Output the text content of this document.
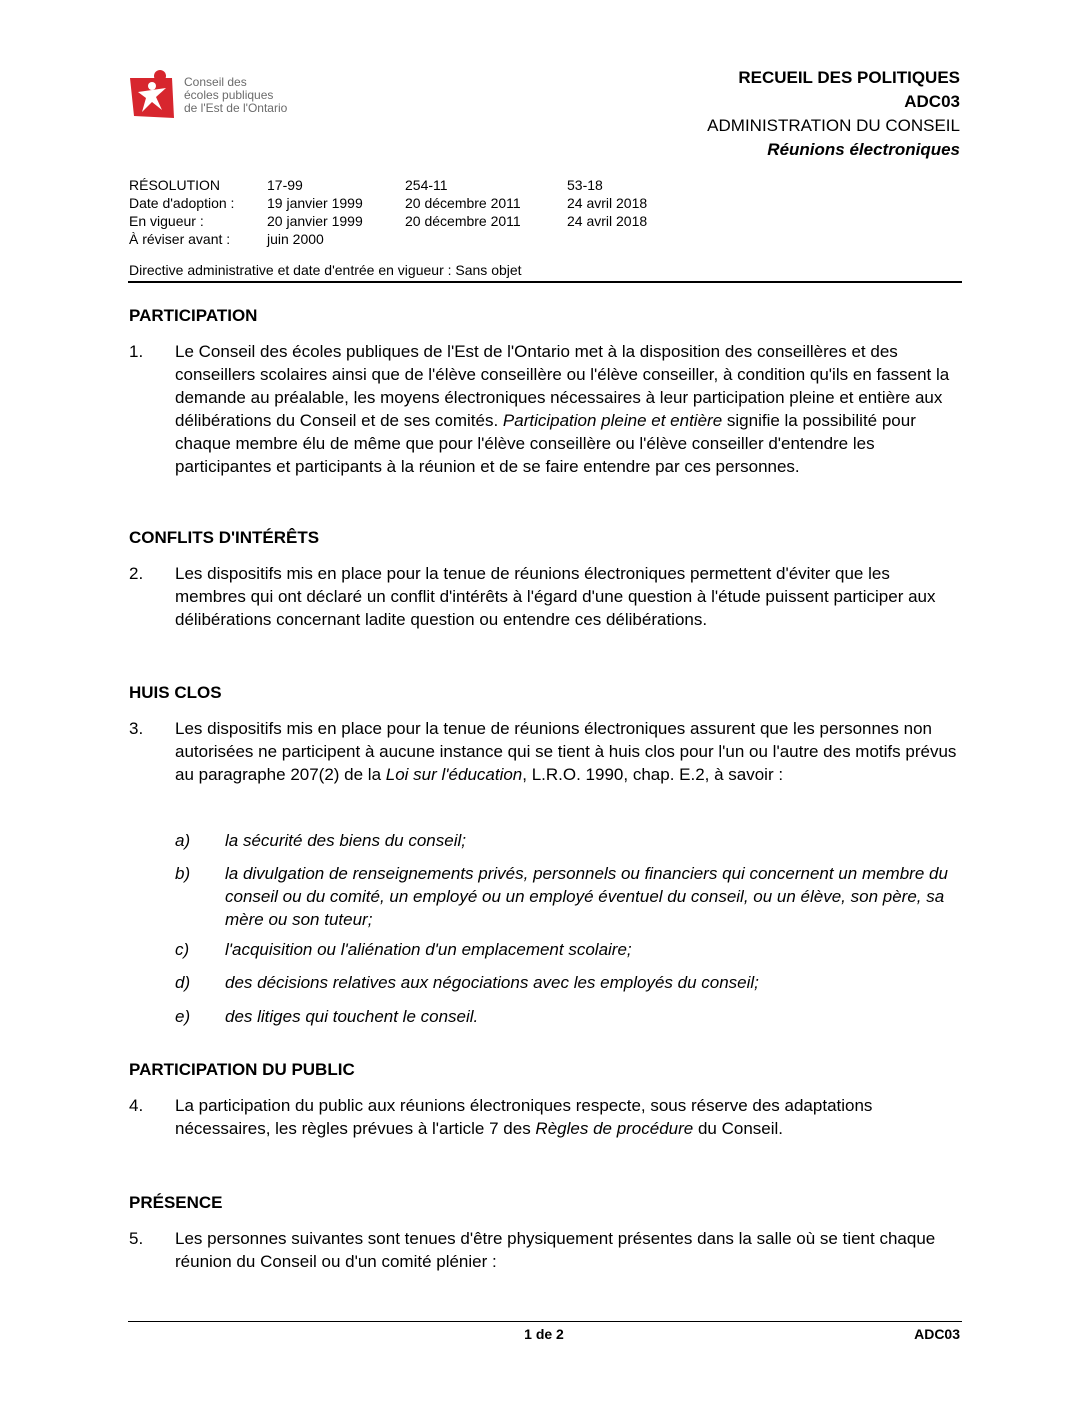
Conseil des
écoles publiques
de l'Est de l'Ontario
RECUEIL DES POLITIQUES
ADC03
ADMINISTRATION DU CONSEIL
Réunions électroniques
RÉSOLUTION	17-99	254-11	53-18
Date d'adoption :	19 janvier 1999	20 décembre 2011	24 avril 2018
En vigueur :	20 janvier 1999	20 décembre 2011	24 avril 2018
À réviser avant :	juin 2000
Directive administrative et date d'entrée en vigueur : Sans objet
PARTICIPATION
1. Le Conseil des écoles publiques de l'Est de l'Ontario met à la disposition des conseillères et des conseillers scolaires ainsi que de l'élève conseillère ou l'élève conseiller, à condition qu'ils en fassent la demande au préalable, les moyens électroniques nécessaires à leur participation pleine et entière aux délibérations du Conseil et de ses comités. Participation pleine et entière signifie la possibilité pour chaque membre élu de même que pour l'élève conseillère ou l'élève conseiller d'entendre les participantes et participants à la réunion et de se faire entendre par ces personnes.
CONFLITS D'INTÉRÊTS
2. Les dispositifs mis en place pour la tenue de réunions électroniques permettent d'éviter que les membres qui ont déclaré un conflit d'intérêts à l'égard d'une question à l'étude puissent participer aux délibérations concernant ladite question ou entendre ces délibérations.
HUIS CLOS
3. Les dispositifs mis en place pour la tenue de réunions électroniques assurent que les personnes non autorisées ne participent à aucune instance qui se tient à huis clos pour l'un ou l'autre des motifs prévus au paragraphe 207(2) de la Loi sur l'éducation, L.R.O. 1990, chap. E.2, à savoir :
a) la sécurité des biens du conseil;
b) la divulgation de renseignements privés, personnels ou financiers qui concernent un membre du conseil ou du comité, un employé ou un employé éventuel du conseil, ou un élève, son père, sa mère ou son tuteur;
c) l'acquisition ou l'aliénation d'un emplacement scolaire;
d) des décisions relatives aux négociations avec les employés du conseil;
e) des litiges qui touchent le conseil.
PARTICIPATION DU PUBLIC
4. La participation du public aux réunions électroniques respecte, sous réserve des adaptations nécessaires, les règles prévues à l'article 7 des Règles de procédure du Conseil.
PRÉSENCE
5. Les personnes suivantes sont tenues d'être physiquement présentes dans la salle où se tient chaque réunion du Conseil ou d'un comité plénier :
1 de 2	ADC03
